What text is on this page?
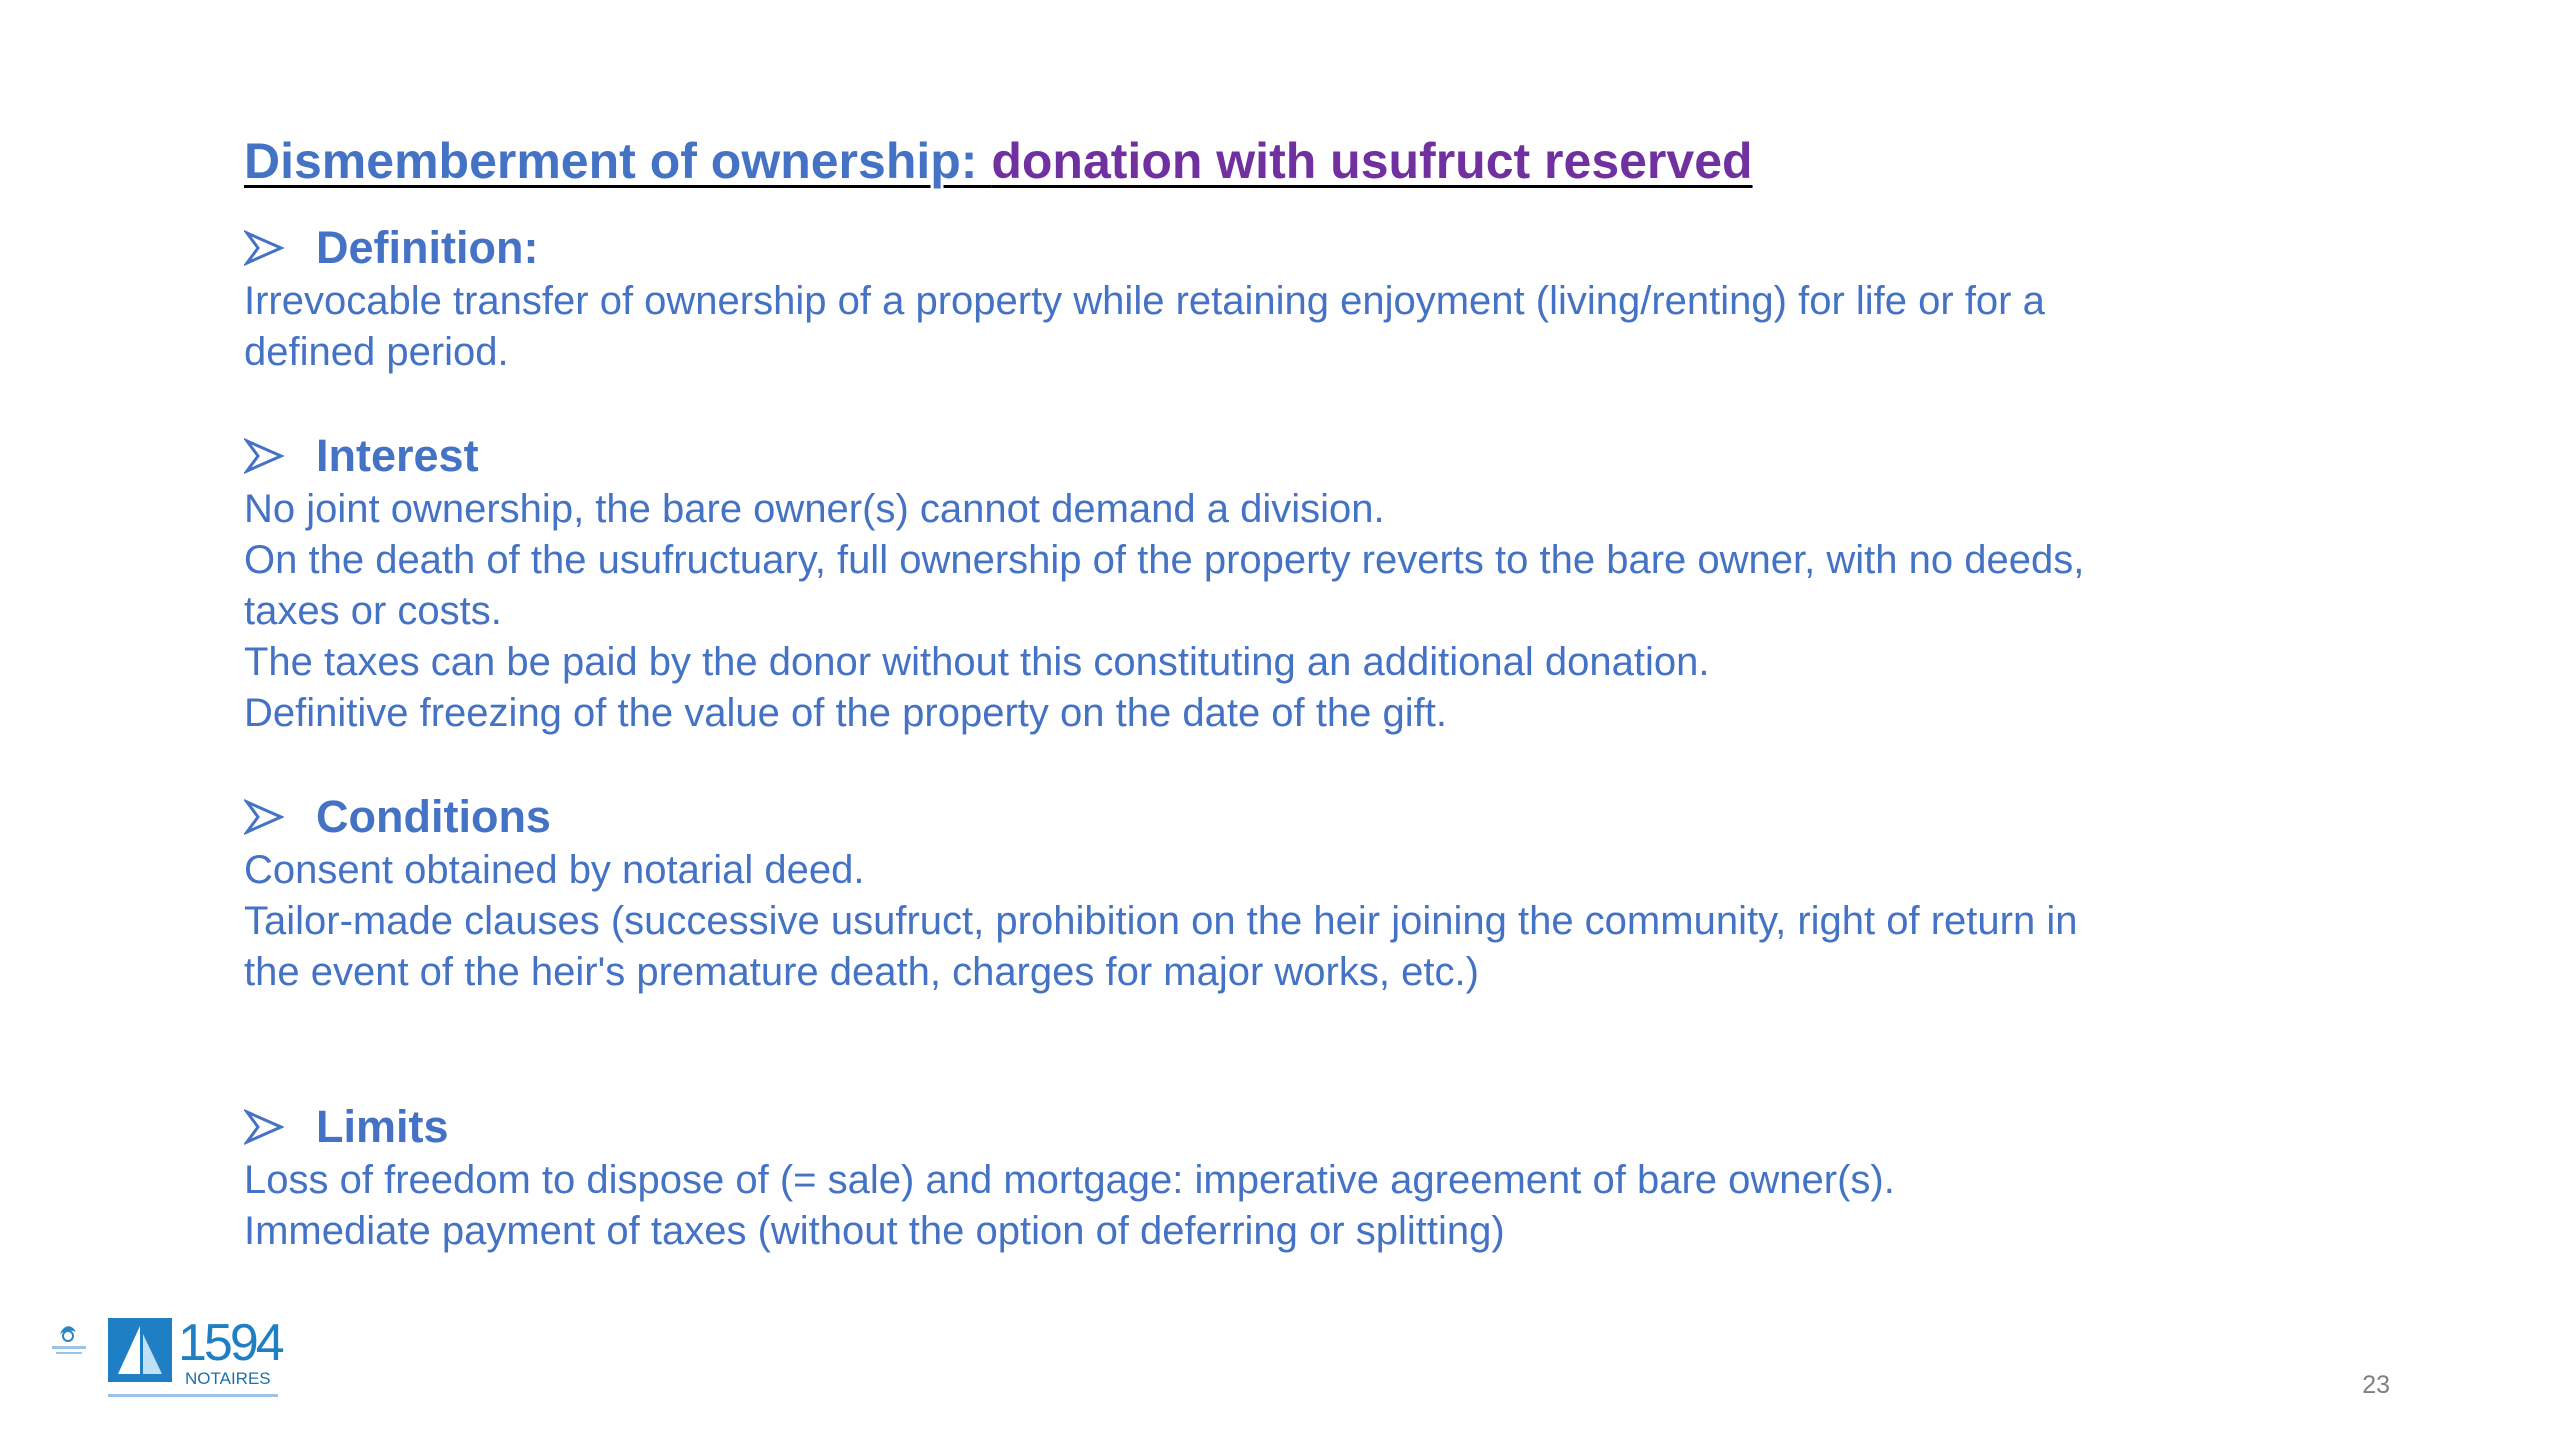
Dismemberment of ownership: donation with usufruct reserved
Definition:
Irrevocable transfer of ownership of a property while retaining enjoyment (living/renting) for life or for a
defined period.
Interest
No joint ownership, the bare owner(s) cannot demand a division.
On the death of the usufructuary, full ownership of the property reverts to the bare owner, with no deeds,
taxes or costs.
The taxes can be paid by the donor without this constituting an additional donation.
Definitive freezing of the value of the property on the date of the gift.
Conditions
Consent obtained by notarial deed.
Tailor-made clauses (successive usufruct, prohibition on the heir joining the community, right of return in
the event of the heir's premature death, charges for major works, etc.)
Limits
Loss of freedom to dispose of (= sale) and mortgage: imperative agreement of bare owner(s).
Immediate payment of taxes (without the option of deferring or splitting)
1594
NOTAIRES	23
